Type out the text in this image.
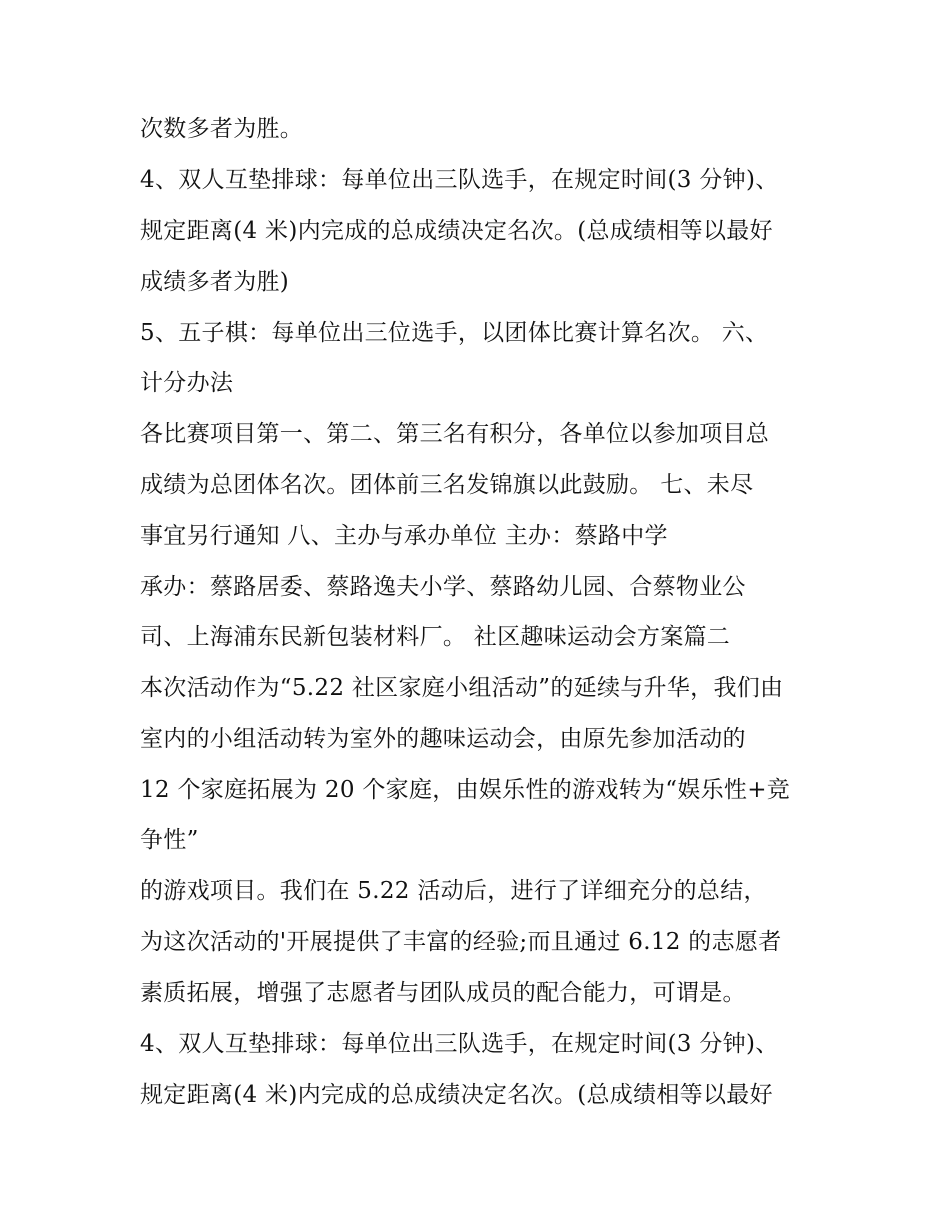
次数多者为胜。
4、双人互垫排球：每单位出三队选手，在规定时间(3 分钟)、
规定距离(4 米)内完成的总成绩决定名次。(总成绩相等以最好
成绩多者为胜)
5、五子棋：每单位出三位选手，以团体比赛计算名次。 六、
计分办法
各比赛项目第一、第二、第三名有积分，各单位以参加项目总
成绩为总团体名次。团体前三名发锦旗以此鼓励。 七、未尽
事宜另行通知 八、主办与承办单位 主办：蔡路中学
承办：蔡路居委、蔡路逸夫小学、蔡路幼儿园、合蔡物业公
司、上海浦东民新包装材料厂。 社区趣味运动会方案篇二
本次活动作为“5.22 社区家庭小组活动”的延续与升华，我们由
室内的小组活动转为室外的趣味运动会，由原先参加活动的
12 个家庭拓展为 20 个家庭，由娱乐性的游戏转为“娱乐性+竞
争性”
的游戏项目。我们在 5.22 活动后，进行了详细充分的总结，
为这次活动的'开展提供了丰富的经验;而且通过 6.12 的志愿者
素质拓展，增强了志愿者与团队成员的配合能力，可谓是。
4、双人互垫排球：每单位出三队选手，在规定时间(3 分钟)、
规定距离(4 米)内完成的总成绩决定名次。(总成绩相等以最好
